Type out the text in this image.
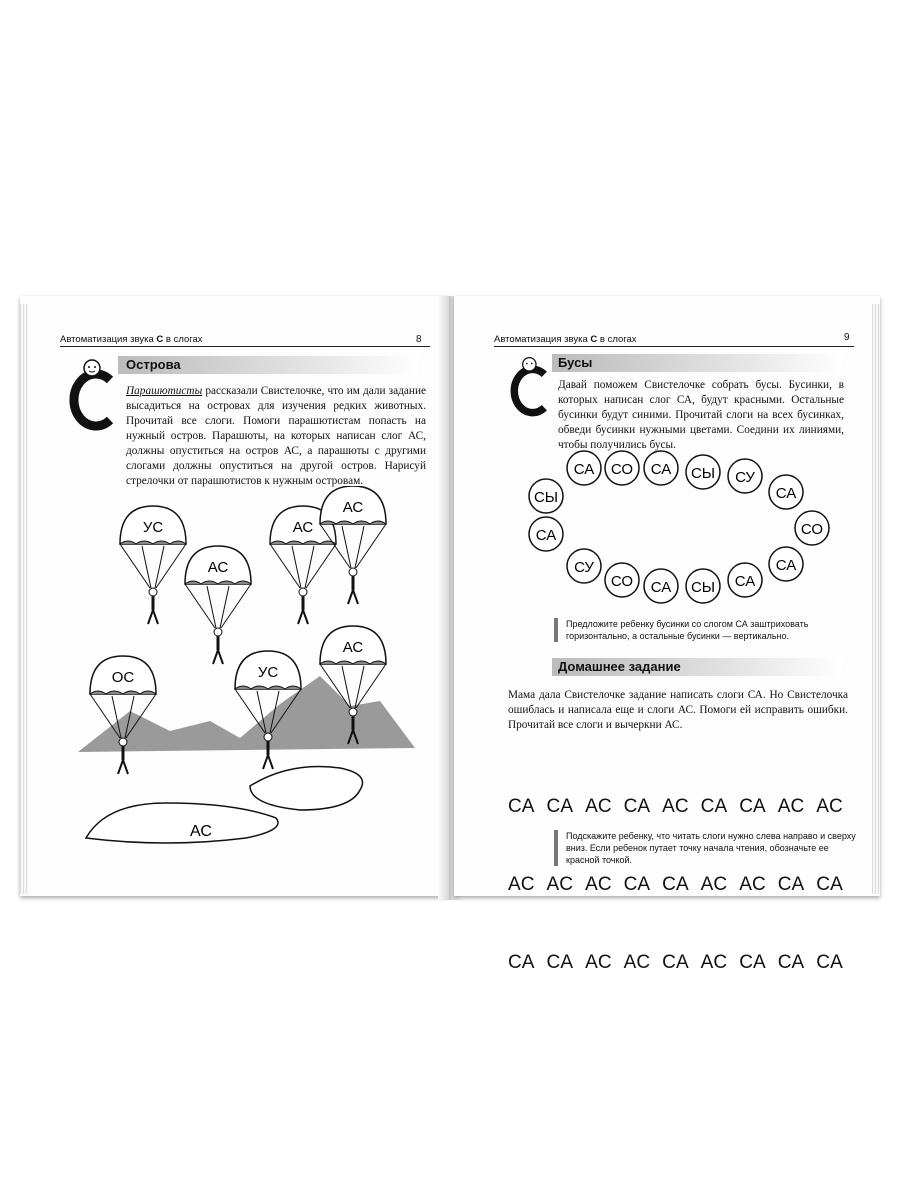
Автоматизация звука С в слогах	8
Острова
Парашютисты рассказали Свистелочке, что им дали задание высадиться на островах для изучения редких животных. Прочитай все слоги. Помоги парашютистам попасть на нужный остров. Парашюты, на которых написан слог АС, должны опуститься на остров АС, а парашюты с другими слогами должны опуститься на другой остров. Нарисуй стрелочки от парашютистов к нужным островам.
АС
УС	АС
АС
АС
ОС	УС
АС
Автоматизация звука С в слогах	9
Бусы
Давай поможем Свистелочке собрать бусы. Бусинки, в которых написан слог СА, будут красными. Остальные бусинки будут синими. Прочитай слоги на всех бусинках, обведи бусинки нужными цветами. Соедини их линиями, чтобы получились бусы.
СА СО СА СЫ СУ
СА
СО
СА
СА
СЫ
СА
СО
СУ
СА
СЫ
Предложите ребенку бусинки со слогом СА заштриховать горизонтально, а остальные бусинки — вертикально.
Домашнее задание
Мама дала Свистелочке задание написать слоги СА. Но Свистелочка ошиблась и написала еще и слоги АС. Помоги ей исправить ошибки. Прочитай все слоги и вычеркни АС.

СА  СА  АС  СА  АС  СА  СА  АС  АС

АС  АС  АС  СА  СА  АС  АС  СА  СА

СА  СА  АС  АС  СА  АС  СА  СА  СА

Подскажите ребенку, что читать слоги нужно слева направо и сверху вниз. Если ребенок путает точку начала чтения, обозначьте ее красной точкой.
